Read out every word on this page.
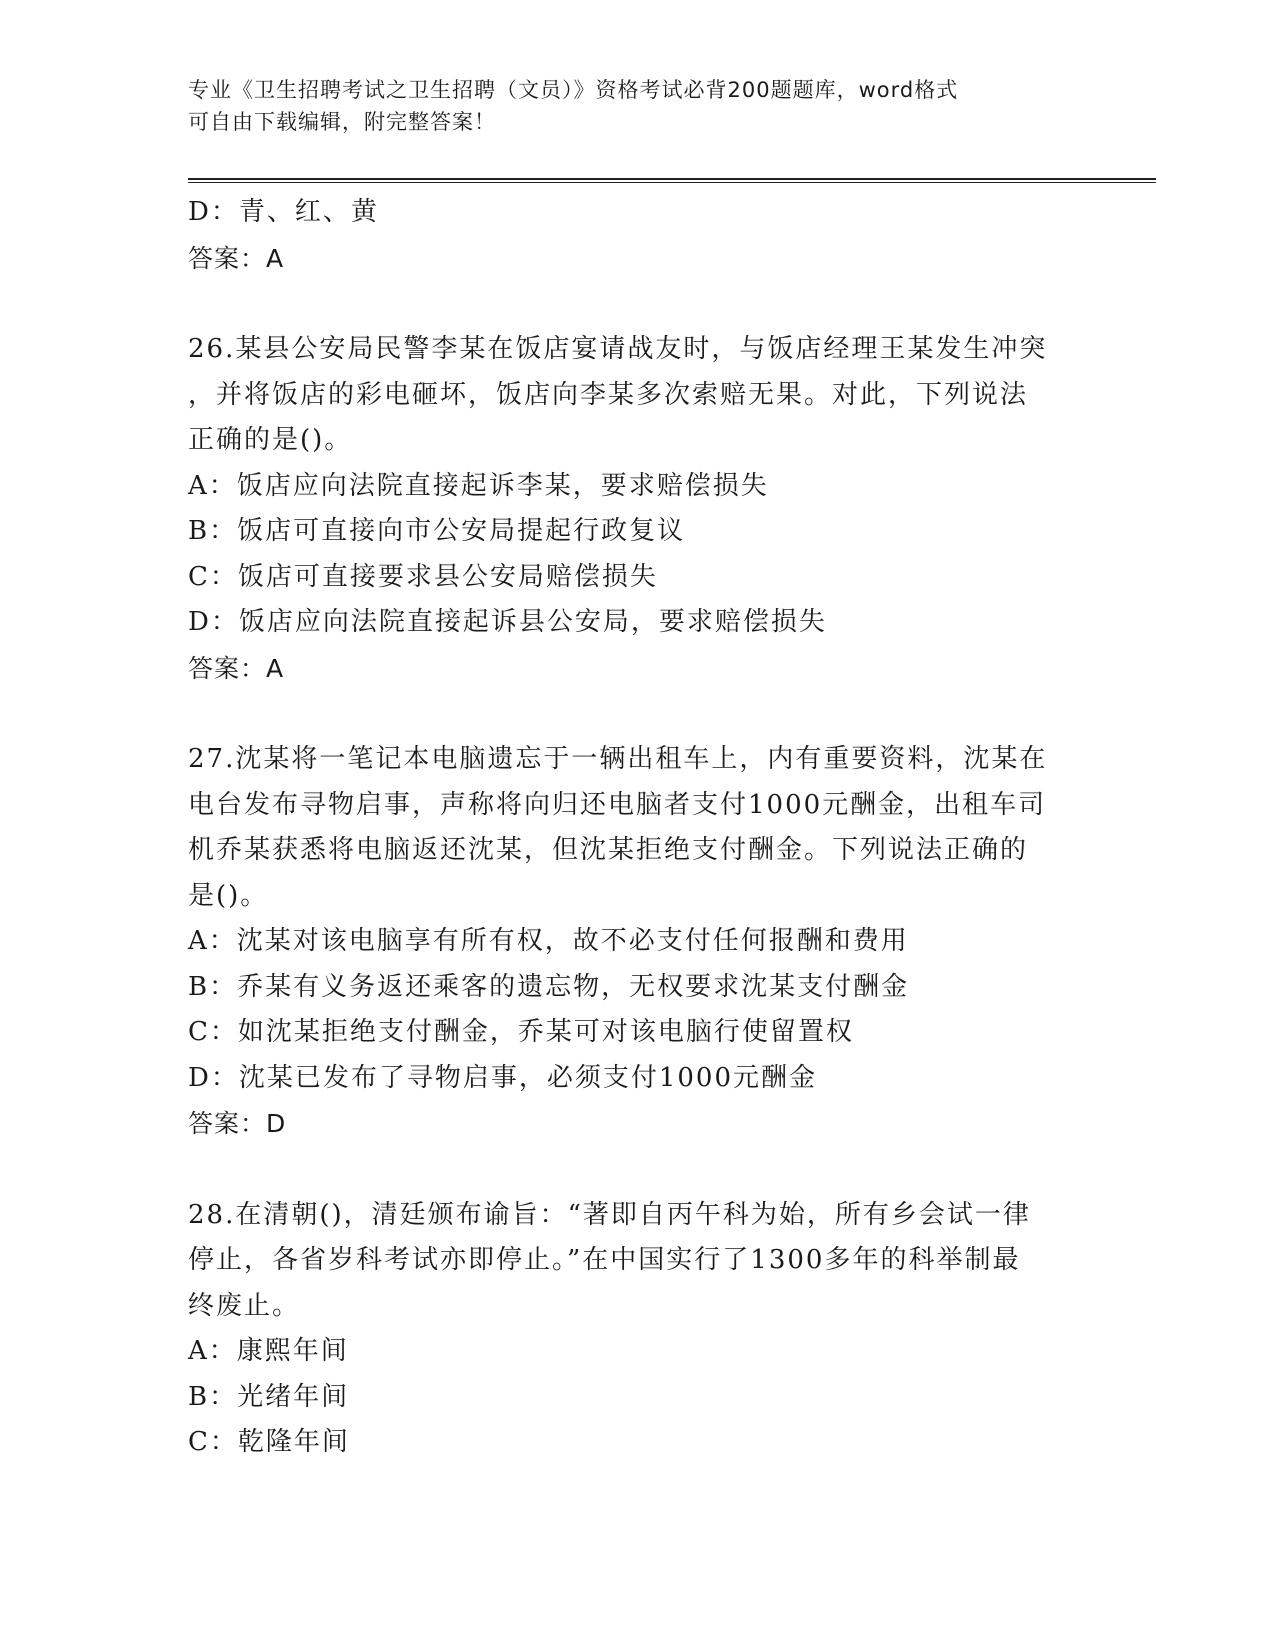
专业《卫生招聘考试之卫生招聘（文员）》资格考试必背200题题库，word格式
可自由下载编辑，附完整答案！
D：青、红、黄
答案：A
26.某县公安局民警李某在饭店宴请战友时，与饭店经理王某发生冲突
，并将饭店的彩电砸坏，饭店向李某多次索赔无果。对此，下列说法
正确的是()。
A：饭店应向法院直接起诉李某，要求赔偿损失
B：饭店可直接向市公安局提起行政复议
C：饭店可直接要求县公安局赔偿损失
D：饭店应向法院直接起诉县公安局，要求赔偿损失
答案：A
27.沈某将一笔记本电脑遗忘于一辆出租车上，内有重要资料，沈某在
电台发布寻物启事，声称将向归还电脑者支付1000元酬金，出租车司
机乔某获悉将电脑返还沈某，但沈某拒绝支付酬金。下列说法正确的
是()。
A：沈某对该电脑享有所有权，故不必支付任何报酬和费用
B：乔某有义务返还乘客的遗忘物，无权要求沈某支付酬金
C：如沈某拒绝支付酬金，乔某可对该电脑行使留置权
D：沈某已发布了寻物启事，必须支付1000元酬金
答案：D
28.在清朝()，清廷颁布谕旨：“著即自丙午科为始，所有乡会试一律
停止，各省岁科考试亦即停止。”在中国实行了1300多年的科举制最
终废止。
A：康熙年间
B：光绪年间
C：乾隆年间
